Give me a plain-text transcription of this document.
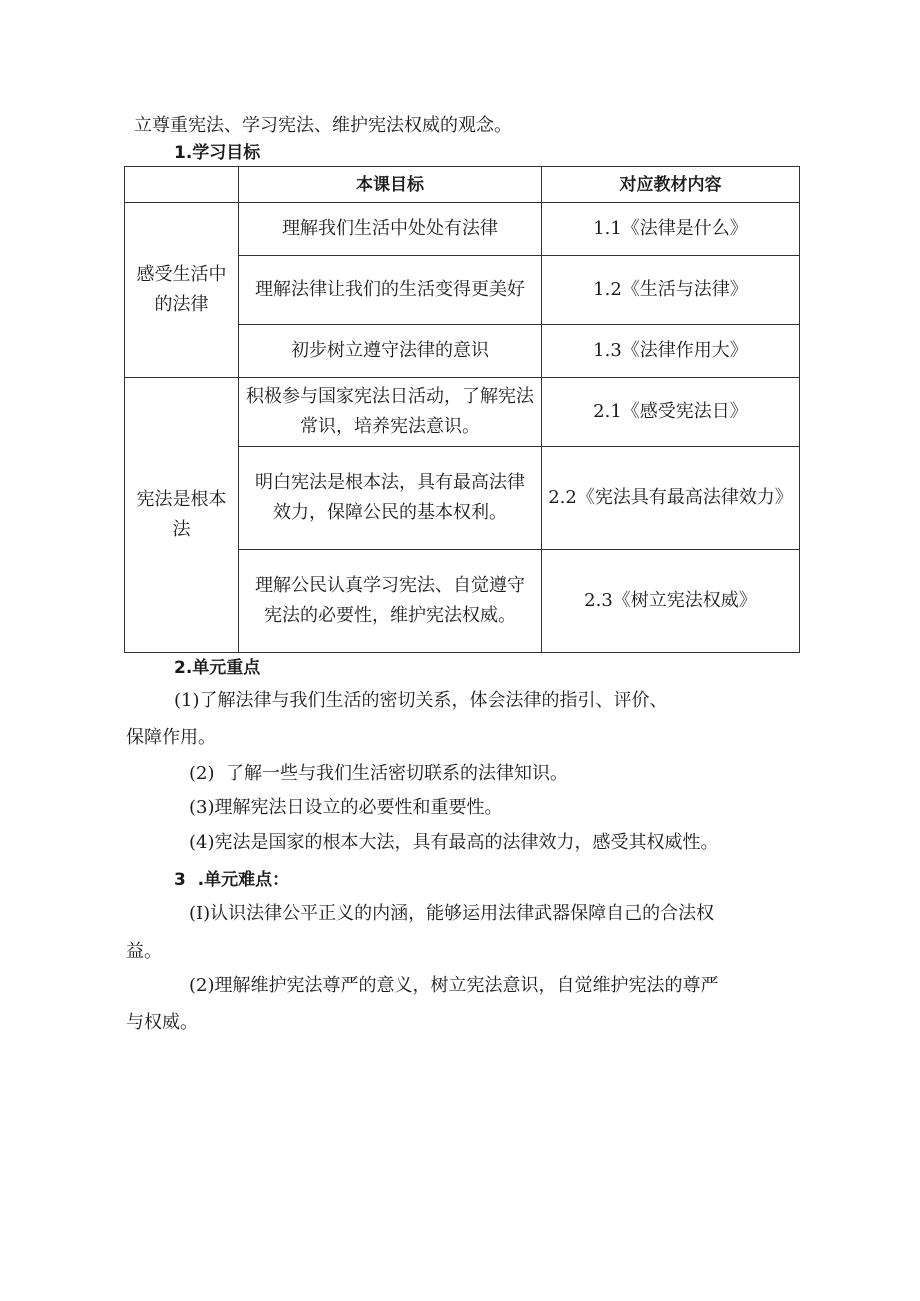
立尊重宪法、学习宪法、维护宪法权威的观念。
1.学习目标
	本课目标	对应教材内容
感受生活中的法律	理解我们生活中处处有法律	1.1《法律是什么》
	理解法律让我们的生活变得更美好	1.2《生活与法律》
	初步树立遵守法律的意识	1.3《法律作用大》
宪法是根本法	积极参与国家宪法日活动，了解宪法常识，培养宪法意识。	2.1《感受宪法日》
	明白宪法是根本法，具有最高法律效力，保障公民的基本权利。	2.2《宪法具有最高法律效力》
	理解公民认真学习宪法、自觉遵守宪法的必要性，维护宪法权威。	2.3《树立宪法权威》
2.单元重点
(1)了解法律与我们生活的密切关系，体会法律的指引、评价、
保障作用。
(2)  了解一些与我们生活密切联系的法律知识。
(3)理解宪法日设立的必要性和重要性。
(4)宪法是国家的根本大法，具有最高的法律效力，感受其权威性。
3  .单元难点：
(I)认识法律公平正义的内涵，能够运用法律武器保障自己的合法权
益。
(2)理解维护宪法尊严的意义，树立宪法意识，自觉维护宪法的尊严
与权威。
